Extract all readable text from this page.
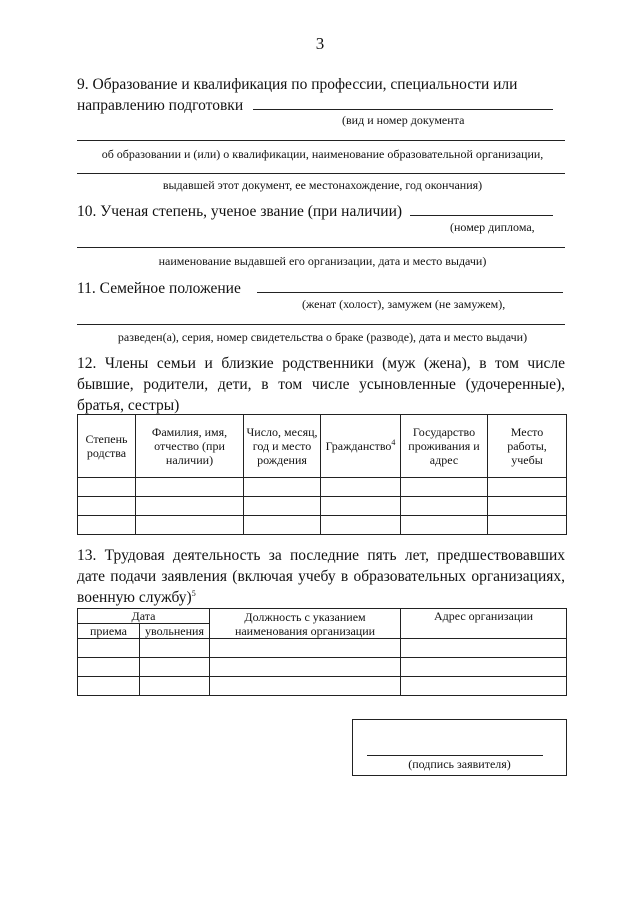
3
9. Образование и квалификация по профессии, специальности или
направлению подготовки
(вид и номер документа
об образовании и (или) о квалификации, наименование образовательной организации,
выдавшей этот документ, ее местонахождение, год окончания)
10. Ученая степень, ученое звание (при наличии)
(номер диплома,
наименование выдавшей его организации, дата и место выдачи)
11. Семейное положение
(женат (холост), замужем (не замужем),
разведен(а), серия, номер свидетельства о браке (разводе), дата и место выдачи)
12. Члены семьи и близкие родственники (муж (жена), в том числе бывшие, родители, дети, в том числе усыновленные (удочеренные), братья, сестры)
Степень родства	Фамилия, имя, отчество (при наличии)	Число, месяц, год и место рождения	Гражданство$^4$	Государство проживания и адрес	Место работы, учебы

13. Трудовая деятельность за последние пять лет, предшествовавших дате подачи заявления (включая учебу в образовательных организациях, военную службу)$^5$
Дата		Должность с указанием наименования организации	Адрес организации
приема	увольнения		

(подпись заявителя)
